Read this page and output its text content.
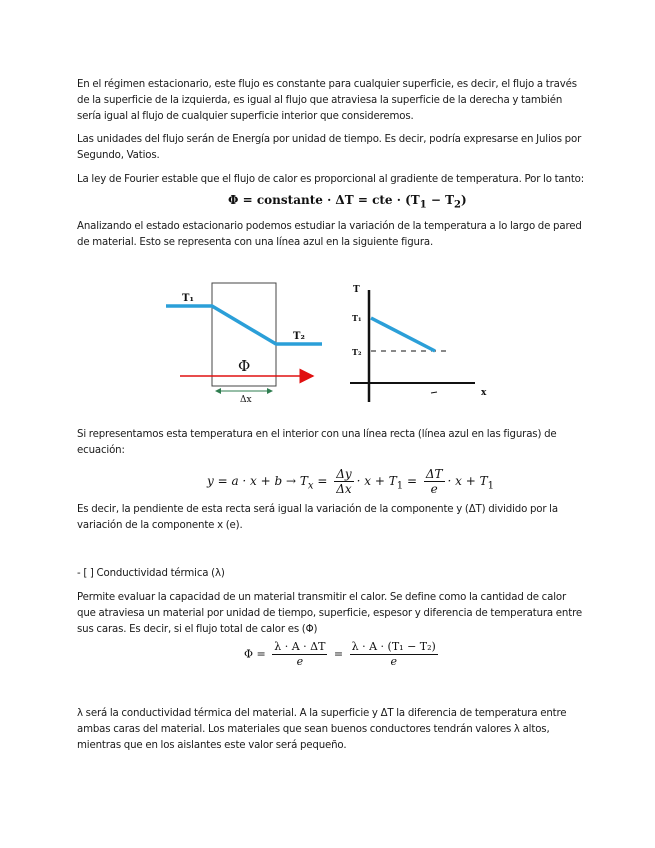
En el régimen estacionario, este flujo es constante para cualquier superficie, es decir, el flujo a través de la superficie de la izquierda, es igual al flujo que atraviesa la superficie de la derecha y también sería igual al flujo de cualquier superficie interior que consideremos.
Las unidades del flujo serán de Energía por unidad de tiempo. Es decir, podría expresarse en Julios por Segundo, Vatios.
La ley de Fourier estable que el flujo de calor es proporcional al gradiente de temperatura. Por lo tanto:
Φ = constante · ΔT = cte · $(T_1 - T_2)$
Analizando el estado estacionario podemos estudiar la variación de la temperatura a lo largo de pared de material. Esto se representa con una línea azul en la siguiente figura.
T₁
T₂
Φ
Δx
T
T₁
T₂
x
Si representamos esta temperatura en el interior con una línea recta (línea azul en las figuras) de ecuación:
$y = a \cdot x + b \to T_x = \frac{\Delta y}{\Delta x} \cdot x + T_1 = \frac{\Delta T}{e} \cdot x + T_1$
Es decir, la pendiente de esta recta será igual la variación de la componente y (ΔT) dividido por la variación de la componente x (e).
- [ ] Conductividad térmica (λ)
Permite evaluar la capacidad de un material transmitir el calor. Se define como la cantidad de calor que atraviesa un material por unidad de tiempo, superficie, espesor y diferencia de temperatura entre sus caras. Es decir, si el flujo total de calor es (Φ)
$\Phi = \frac{\lambda \cdot A \cdot \Delta T}{e} = \frac{\text{λ · A · (T₁ − T₂)}}{e}$
λ será la conductividad térmica del material. A la superficie y ΔT la diferencia de temperatura entre ambas caras del material. Los materiales que sean buenos conductores tendrán valores λ altos, mientras que en los aislantes este valor será pequeño.
